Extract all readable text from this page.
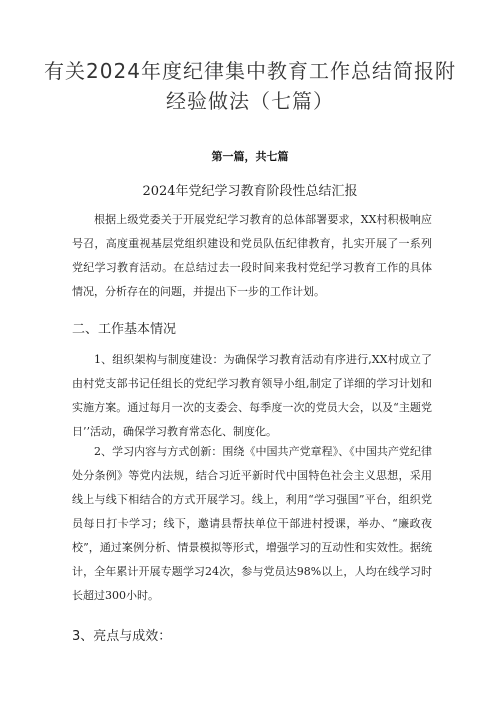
有关2024年度纪律集中教育工作总结简报附经验做法（七篇）

第一篇，共七篇

2024年党纪学习教育阶段性总结汇报

根据上级党委关于开展党纪学习教育的总体部署要求，XX村积极响应号召，高度重视基层党组织建设和党员队伍纪律教育，扎实开展了一系列党纪学习教育活动。在总结过去一段时间来我村党纪学习教育工作的具体情况，分析存在的问题，并提出下一步的工作计划。

二、工作基本情况

1、组织架构与制度建设：为确保学习教育活动有序进行,XX村成立了由村党支部书记任组长的党纪学习教育领导小组,制定了详细的学习计划和实施方案。通过每月一次的支委会、每季度一次的党员大会，以及“主题党日’’活动，确保学习教育常态化、制度化。

2、学习内容与方式创新：围绕《中国共产党章程》、《中国共产党纪律处分条例》等党内法规，结合习近平新时代中国特色社会主义思想，采用线上与线下相结合的方式开展学习。线上，利用“学习强国”平台，组织党员每日打卡学习；线下，邀请县帮扶单位干部进村授课，举办、“廉政夜校”，通过案例分析、情景模拟等形式，增强学习的互动性和实效性。据统计，全年累计开展专题学习24次，参与党员达98%以上，人均在线学习时长超过300小时。

3、亮点与成效：
